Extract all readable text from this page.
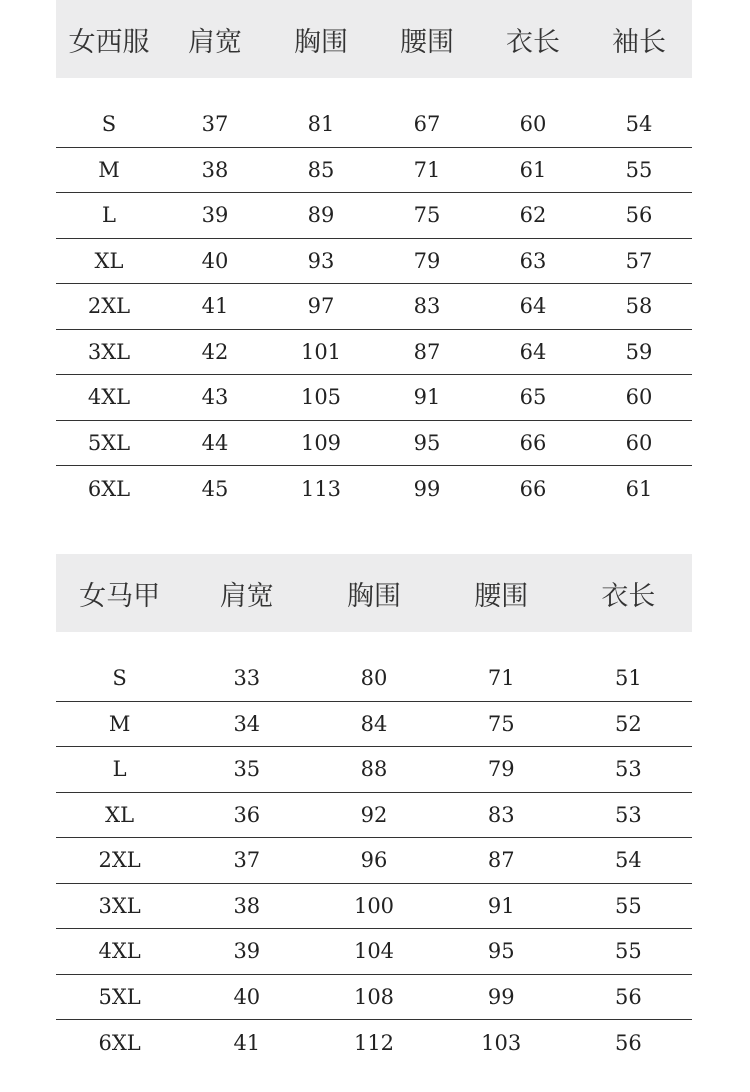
女西服	肩宽	胸围	腰围	衣长	袖长
S	37	81	67	60	54
M	38	85	71	61	55
L	39	89	75	62	56
XL	40	93	79	63	57
2XL	41	97	83	64	58
3XL	42	101	87	64	59
4XL	43	105	91	65	60
5XL	44	109	95	66	60
6XL	45	113	99	66	61
女马甲	肩宽	胸围	腰围	衣长
S	33	80	71	51
M	34	84	75	52
L	35	88	79	53
XL	36	92	83	53
2XL	37	96	87	54
3XL	38	100	91	55
4XL	39	104	95	55
5XL	40	108	99	56
6XL	41	112	103	56
